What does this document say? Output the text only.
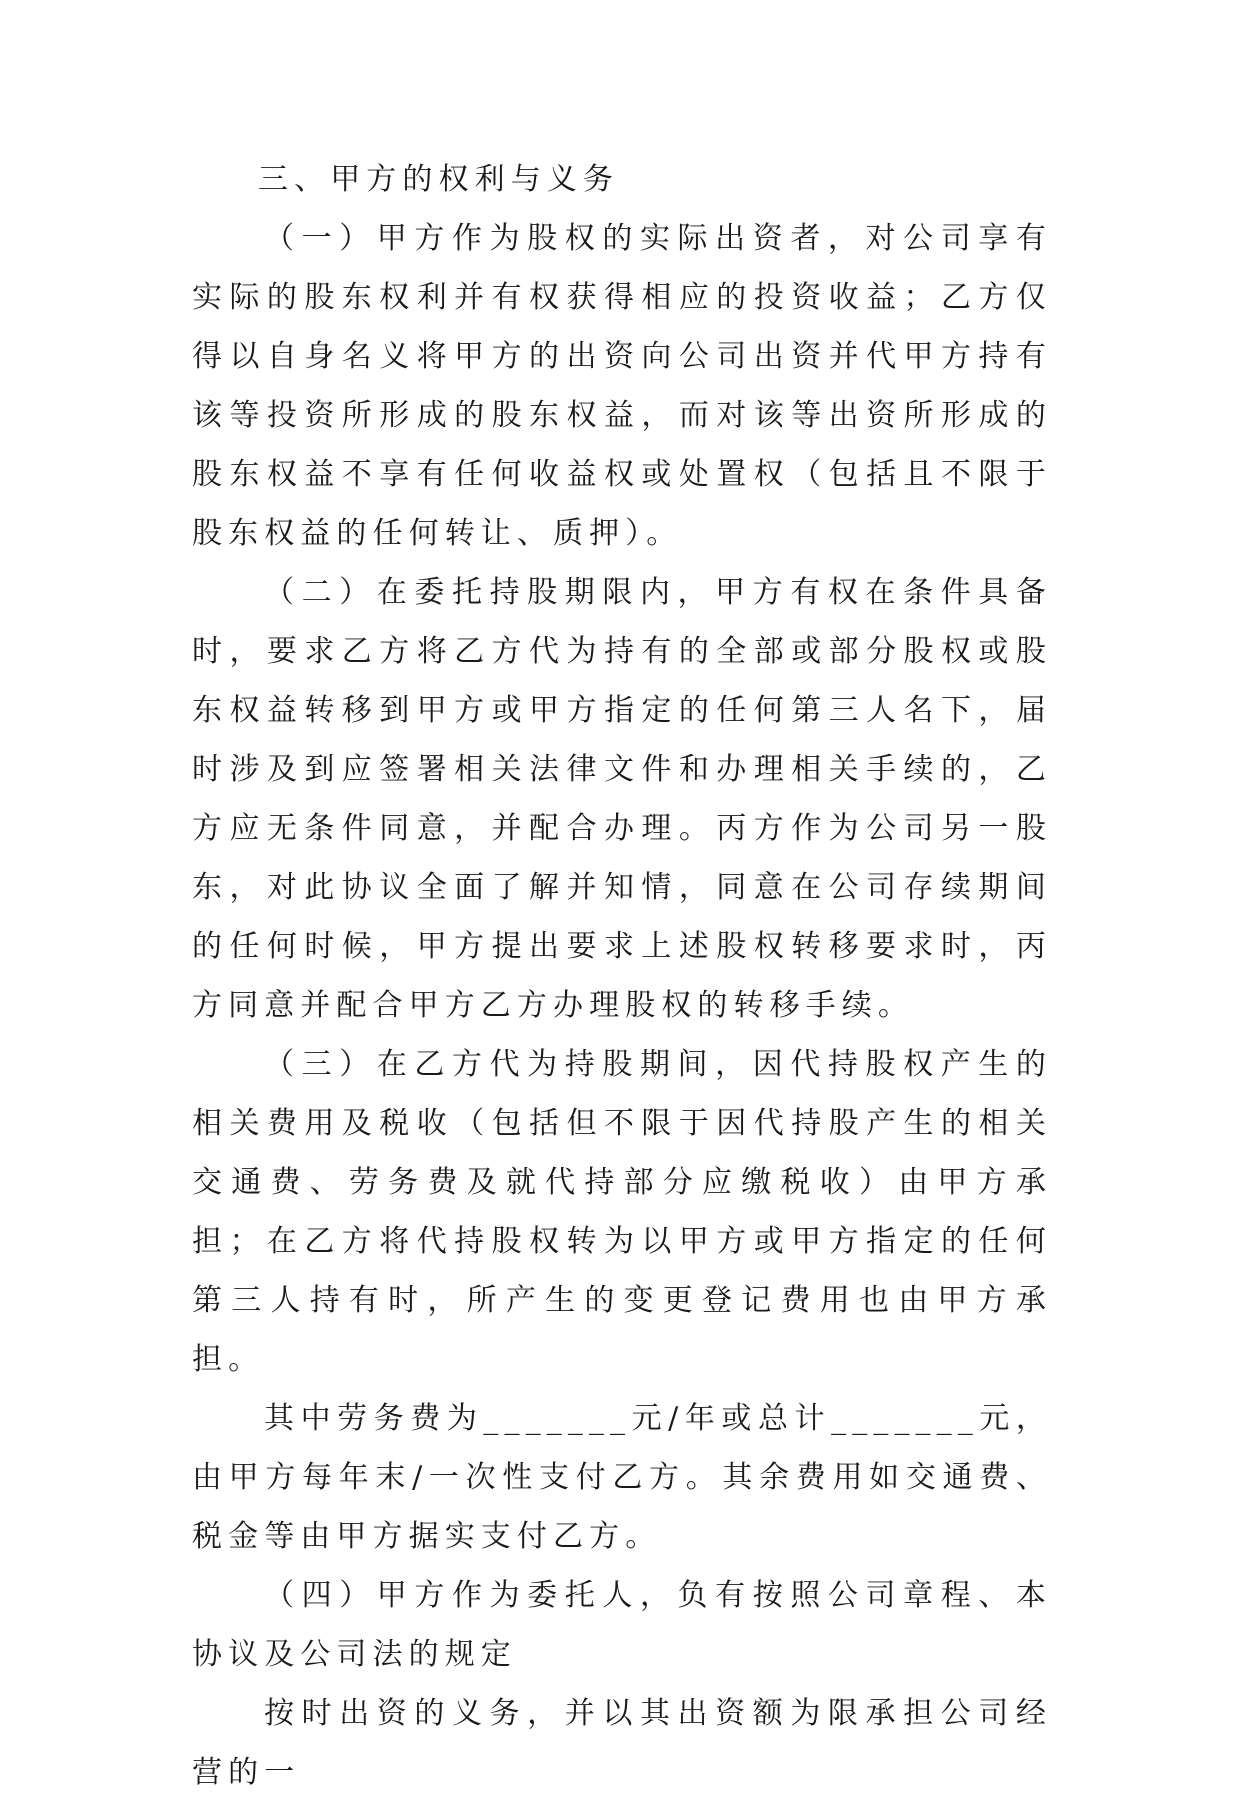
三、甲方的权利与义务

（一）甲方作为股权的实际出资者，对公司享有实际的股东权利并有权获得相应的投资收益；乙方仅得以自身名义将甲方的出资向公司出资并代甲方持有该等投资所形成的股东权益，而对该等出资所形成的股东权益不享有任何收益权或处置权（包括且不限于股东权益的任何转让、质押）。

（二）在委托持股期限内，甲方有权在条件具备时，要求乙方将乙方代为持有的全部或部分股权或股东权益转移到甲方或甲方指定的任何第三人名下，届时涉及到应签署相关法律文件和办理相关手续的，乙方应无条件同意，并配合办理。丙方作为公司另一股东，对此协议全面了解并知情，同意在公司存续期间的任何时候，甲方提出要求上述股权转移要求时，丙方同意并配合甲方乙方办理股权的转移手续。

（三）在乙方代为持股期间，因代持股权产生的相关费用及税收（包括但不限于因代持股产生的相关交通费、劳务费及就代持部分应缴税收）由甲方承担；在乙方将代持股权转为以甲方或甲方指定的任何第三人持有时，所产生的变更登记费用也由甲方承担。

其中劳务费为_______元/年或总计_______元，由甲方每年末/一次性支付乙方。其余费用如交通费、税金等由甲方据实支付乙方。

（四）甲方作为委托人，负有按照公司章程、本协议及公司法的规定

按时出资的义务，并以其出资额为限承担公司经营的一
